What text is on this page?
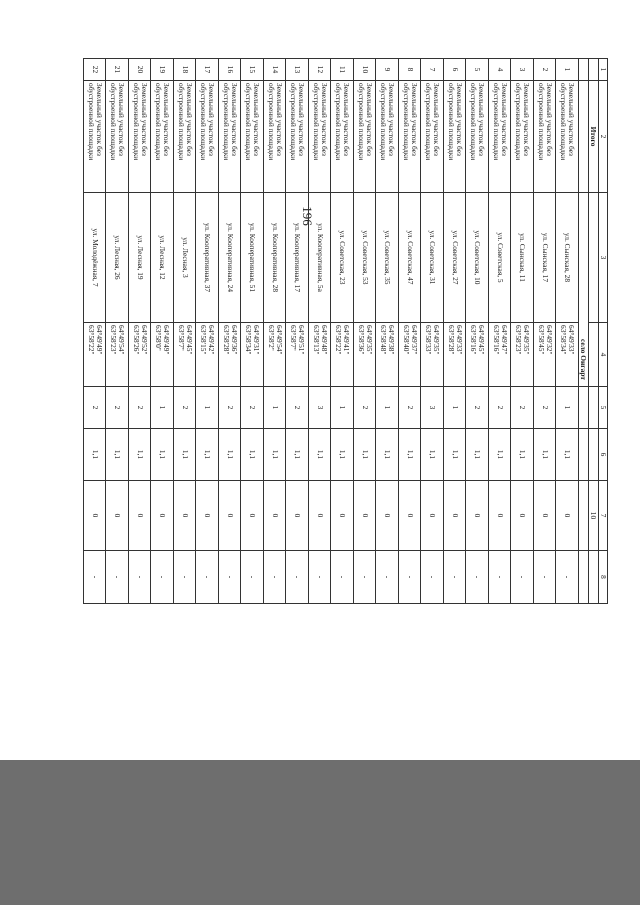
196
1	2	3	4	5	6	7	8
	Итого					10	
		село Онгарт					
1	Земельный участок без обустроенной площадки	ул. Сынская, 28	64°49'33"
63°58'34"	1	1,1	0	-
2	Земельный участок без обустроенной площадки	ул. Сынская, 17	64°49'32"
63°58'45"	2	1,1	0	-
3	Земельный участок без обустроенной площадки	ул. Сынская, 11	64°49'35"
63°58'23"	2	1,1	0	-
4	Земельный участок без обустроенной площадки	ул. Советская, 5	64°49'47"
63°58'16"	2	1,1	0	-
5	Земельный участок без обустроенной площадки	ул. Советская, 10	64°49'45"
63°58'16"	2	1,1	0	-
6	Земельный участок без обустроенной площадки	ул. Советская, 27	64°49'33"
63°58'28"	1	1,1	0	-
7	Земельный участок без обустроенной площадки	ул. Советская, 31	64°49'35"
63°58'33"	3	1,1	0	-
8	Земельный участок без обустроенной площадки	ул. Советская, 47	64°49'37"
63°58'40"	2	1,1	0	-
9	Земельный участок без обустроенной площадки	ул. Советская, 35	64°49'38"
63°58'48"	1	1,1	0	-
10	Земельный участок без обустроенной площадки	ул. Советская, 53	64°49'35"
63°58'36"	2	1,1	0	-
11	Земельный участок без обустроенной площадки	ул. Советская, 23	64°49'41"
63°58'22"	1	1,1	0	-
12	Земельный участок без обустроенной площадки	ул. Кооперативная, 5а	64°49'48"
63°58'13"	3	1,1	0	-
13	Земельный участок без обустроенной площадки	ул. Кооперативная, 17	64°49'51"
63°58'7"	2	1,1	0	-
14	Земельный участок без обустроенной площадки	ул. Кооперативная, 28	64°49'54"
63°58'2"	1	1,1	0	-
15	Земельный участок без обустроенной площадки	ул. Кооперативная, 51	64°49'31"
63°58'34"	2	1,1	0	-
16	Земельный участок без обустроенной площадки	ул. Кооперативная, 24	64°49'36"
63°58'28"	2	1,1	0	-
17	Земельный участок без обустроенной площадки	ул. Кооперативная, 37	64°49'42"
63°58'15"	1	1,1	0	-
18	Земельный участок без обустроенной площадки	ул. Лесная, 3	64°49'45"
63°58'7"	2	1,1	0	-
19	Земельный участок без обустроенной площадки	ул. Лесная, 12	64°49'49"
63°58'0"	1	1,1	0	-
20	Земельный участок без обустроенной площадки	ул. Лесная, 19	64°49'52"
63°58'26"	2	1,1	0	-
21	Земельный участок без обустроенной площадки	ул. Лесная, 26	64°49'54"
63°58'23"	2	1,1	0	-
22	Земельный участок без обустроенной площадки	ул. Молодёжная, 7	64°49'49"
63°58'22"	2	1,1	0	-
